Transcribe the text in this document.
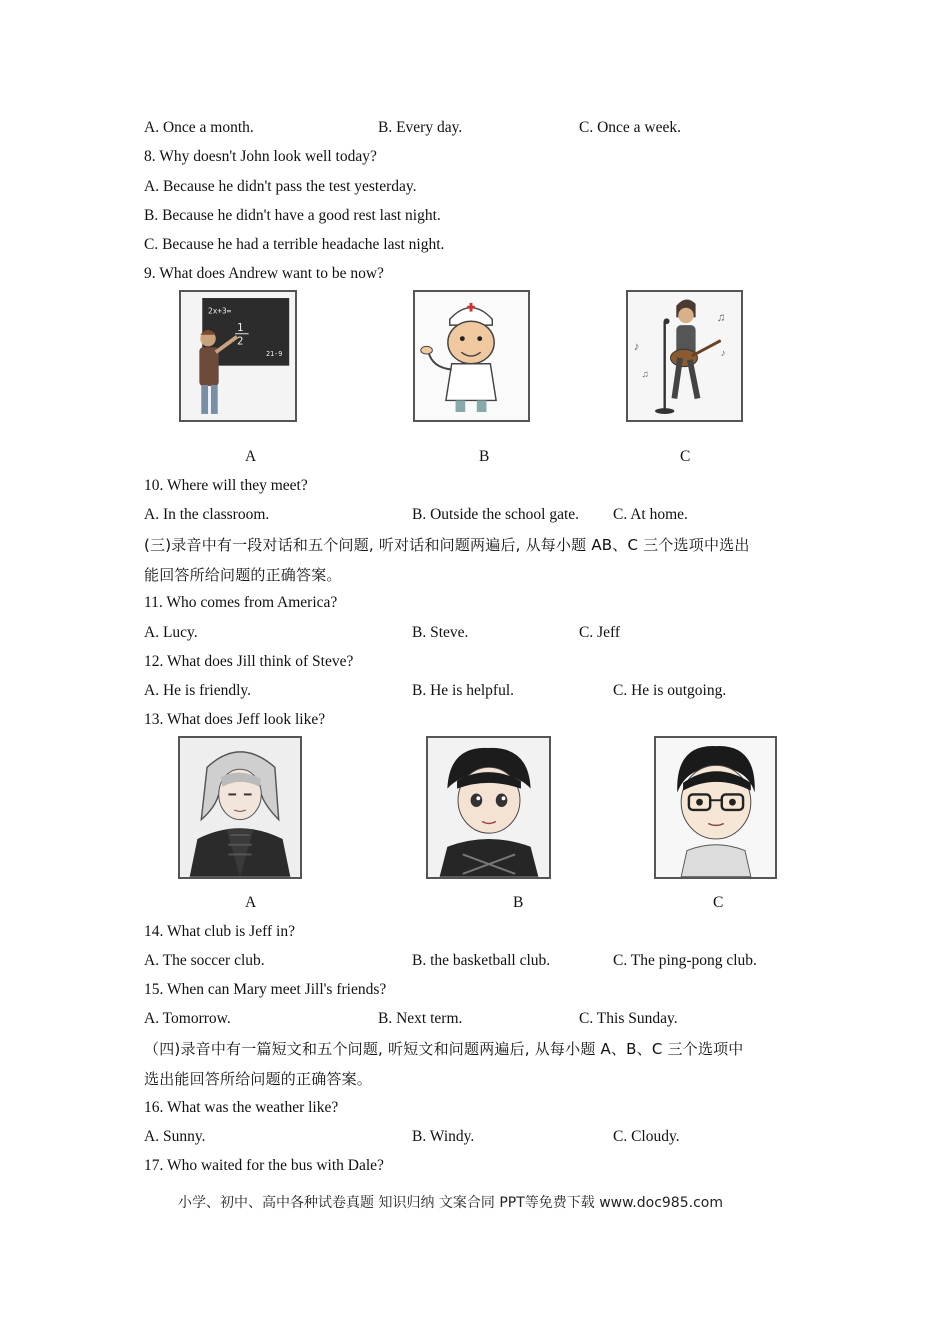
A. Once a month.	B. Every day.	C. Once a week.
8. Why doesn't John look well today?
A. Because he didn't pass the test yesterday.
B. Because he didn't have a good rest last night.
C. Because he had a terrible headache last night.
9. What does Andrew want to be now?
2x+3=
1
2
21-9
♪
♫
♪
♫
A	B	C
10. Where will they meet?
A. In the classroom.	B. Outside the school gate. C. At home.
(三)录音中有一段对话和五个问题, 听对话和问题两遍后, 从每小题 AB、C 三个选项中选出
能回答所给问题的正确答案。
11. Who comes from America?
A. Lucy.	B. Steve.	C. Jeff
12. What does Jill think of Steve?
A. He is friendly.	B. He is helpful.	C. He is outgoing.
13. What does Jeff look like?
A	B	C
14. What club is Jeff in?
A. The soccer club.	B. the basketball club.	C. The ping-pong club.
15. When can Mary meet Jill's friends?
A. Tomorrow.	B. Next term.	C. This Sunday.
（四)录音中有一篇短文和五个问题, 听短文和问题两遍后, 从每小题 A、B、C 三个选项中
选出能回答所给问题的正确答案。
16. What was the weather like?
A. Sunny.	B. Windy.	C. Cloudy.
17. Who waited for the bus with Dale?
小学、初中、高中各种试卷真题 知识归纳 文案合同 PPT等免费下载 www.doc985.com
